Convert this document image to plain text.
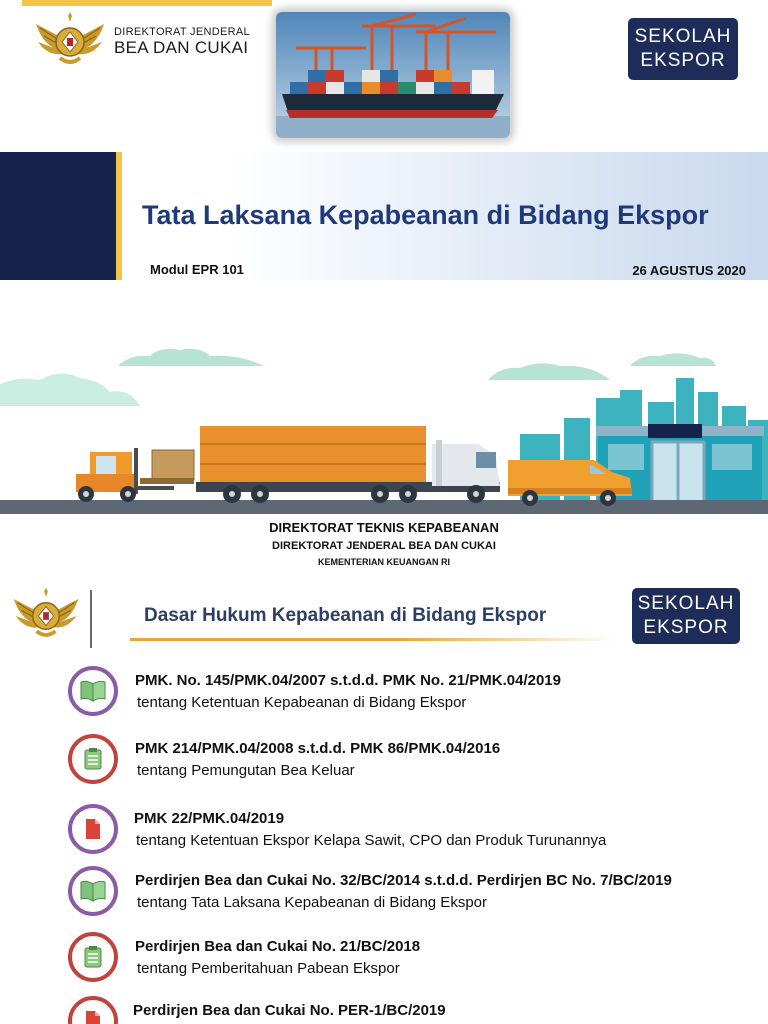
DIREKTORAT JENDERAL
BEA DAN CUKAI
SEKOLAH
EKSPOR
Tata Laksana Kepabeanan di Bidang Ekspor
Modul EPR 101	26 AGUSTUS 2020
DIREKTORAT TEKNIS KEPABEANAN
DIREKTORAT JENDERAL BEA DAN CUKAI
KEMENTERIAN KEUANGAN RI
Dasar Hukum Kepabeanan di Bidang Ekspor
SEKOLAH
EKSPOR
PMK. No. 145/PMK.04/2007 s.t.d.d. PMK No. 21/PMK.04/2019
tentang Ketentuan Kepabeanan di Bidang Ekspor
PMK 214/PMK.04/2008 s.t.d.d. PMK 86/PMK.04/2016
tentang Pemungutan Bea Keluar
PMK 22/PMK.04/2019
tentang Ketentuan Ekspor Kelapa Sawit, CPO dan Produk Turunannya
Perdirjen Bea dan Cukai No. 32/BC/2014 s.t.d.d. Perdirjen BC No. 7/BC/2019
tentang Tata Laksana Kepabeanan di Bidang Ekspor
Perdirjen Bea dan Cukai No. 21/BC/2018
tentang Pemberitahuan Pabean Ekspor
Perdirjen Bea dan Cukai No. PER-1/BC/2019
